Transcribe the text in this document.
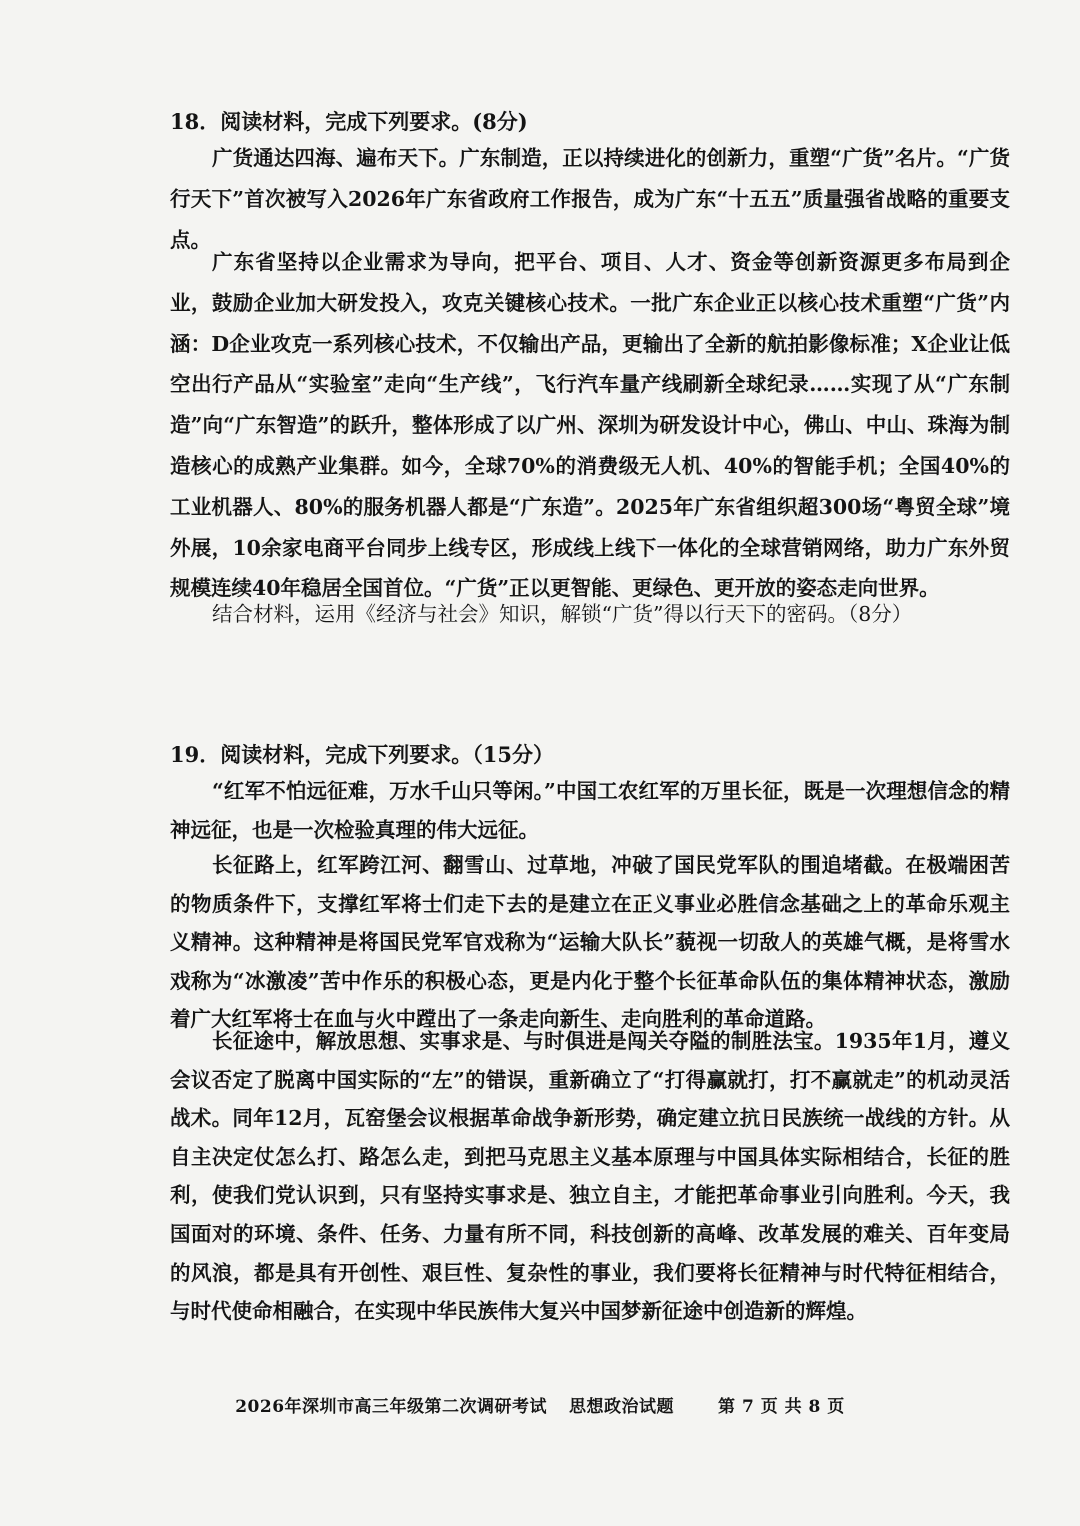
18．阅读材料，完成下列要求。(8分)
广货通达四海、遍布天下。广东制造，正以持续进化的创新力，重塑“广货”名片。“广货行天下”首次被写入2026年广东省政府工作报告，成为广东“十五五”质量强省战略的重要支点。
广东省坚持以企业需求为导向，把平台、项目、人才、资金等创新资源更多布局到企业，鼓励企业加大研发投入，攻克关键核心技术。一批广东企业正以核心技术重塑“广货”内涵：D企业攻克一系列核心技术，不仅输出产品，更输出了全新的航拍影像标准；X企业让低空出行产品从“实验室”走向“生产线”，飞行汽车量产线刷新全球纪录……实现了从“广东制造”向“广东智造”的跃升，整体形成了以广州、深圳为研发设计中心，佛山、中山、珠海为制造核心的成熟产业集群。如今，全球70%的消费级无人机、40%的智能手机；全国40%的工业机器人、80%的服务机器人都是“广东造”。2025年广东省组织超300场“粤贸全球”境外展，10余家电商平台同步上线专区，形成线上线下一体化的全球营销网络，助力广东外贸规模连续40年稳居全国首位。“广货”正以更智能、更绿色、更开放的姿态走向世界。
结合材料，运用《经济与社会》知识，解锁“广货”得以行天下的密码。（8分）
19．阅读材料，完成下列要求。（15分）
“红军不怕远征难，万水千山只等闲。”中国工农红军的万里长征，既是一次理想信念的精神远征，也是一次检验真理的伟大远征。
长征路上，红军跨江河、翻雪山、过草地，冲破了国民党军队的围追堵截。在极端困苦的物质条件下，支撑红军将士们走下去的是建立在正义事业必胜信念基础之上的革命乐观主义精神。这种精神是将国民党军官戏称为“运输大队长”藐视一切敌人的英雄气概，是将雪水戏称为“冰激凌”苦中作乐的积极心态，更是内化于整个长征革命队伍的集体精神状态，激励着广大红军将士在血与火中蹚出了一条走向新生、走向胜利的革命道路。
长征途中，解放思想、实事求是、与时俱进是闯关夺隘的制胜法宝。1935年1月，遵义会议否定了脱离中国实际的“左”的错误，重新确立了“打得赢就打，打不赢就走”的机动灵活战术。同年12月，瓦窑堡会议根据革命战争新形势，确定建立抗日民族统一战线的方针。从自主决定仗怎么打、路怎么走，到把马克思主义基本原理与中国具体实际相结合，长征的胜利，使我们党认识到，只有坚持实事求是、独立自主，才能把革命事业引向胜利。今天，我国面对的环境、条件、任务、力量有所不同，科技创新的高峰、改革发展的难关、百年变局的风浪，都是具有开创性、艰巨性、复杂性的事业，我们要将长征精神与时代特征相结合，与时代使命相融合，在实现中华民族伟大复兴中国梦新征途中创造新的辉煌。
2026年深圳市高三年级第二次调研考试 思想政治试题	第 7 页 共 8 页
